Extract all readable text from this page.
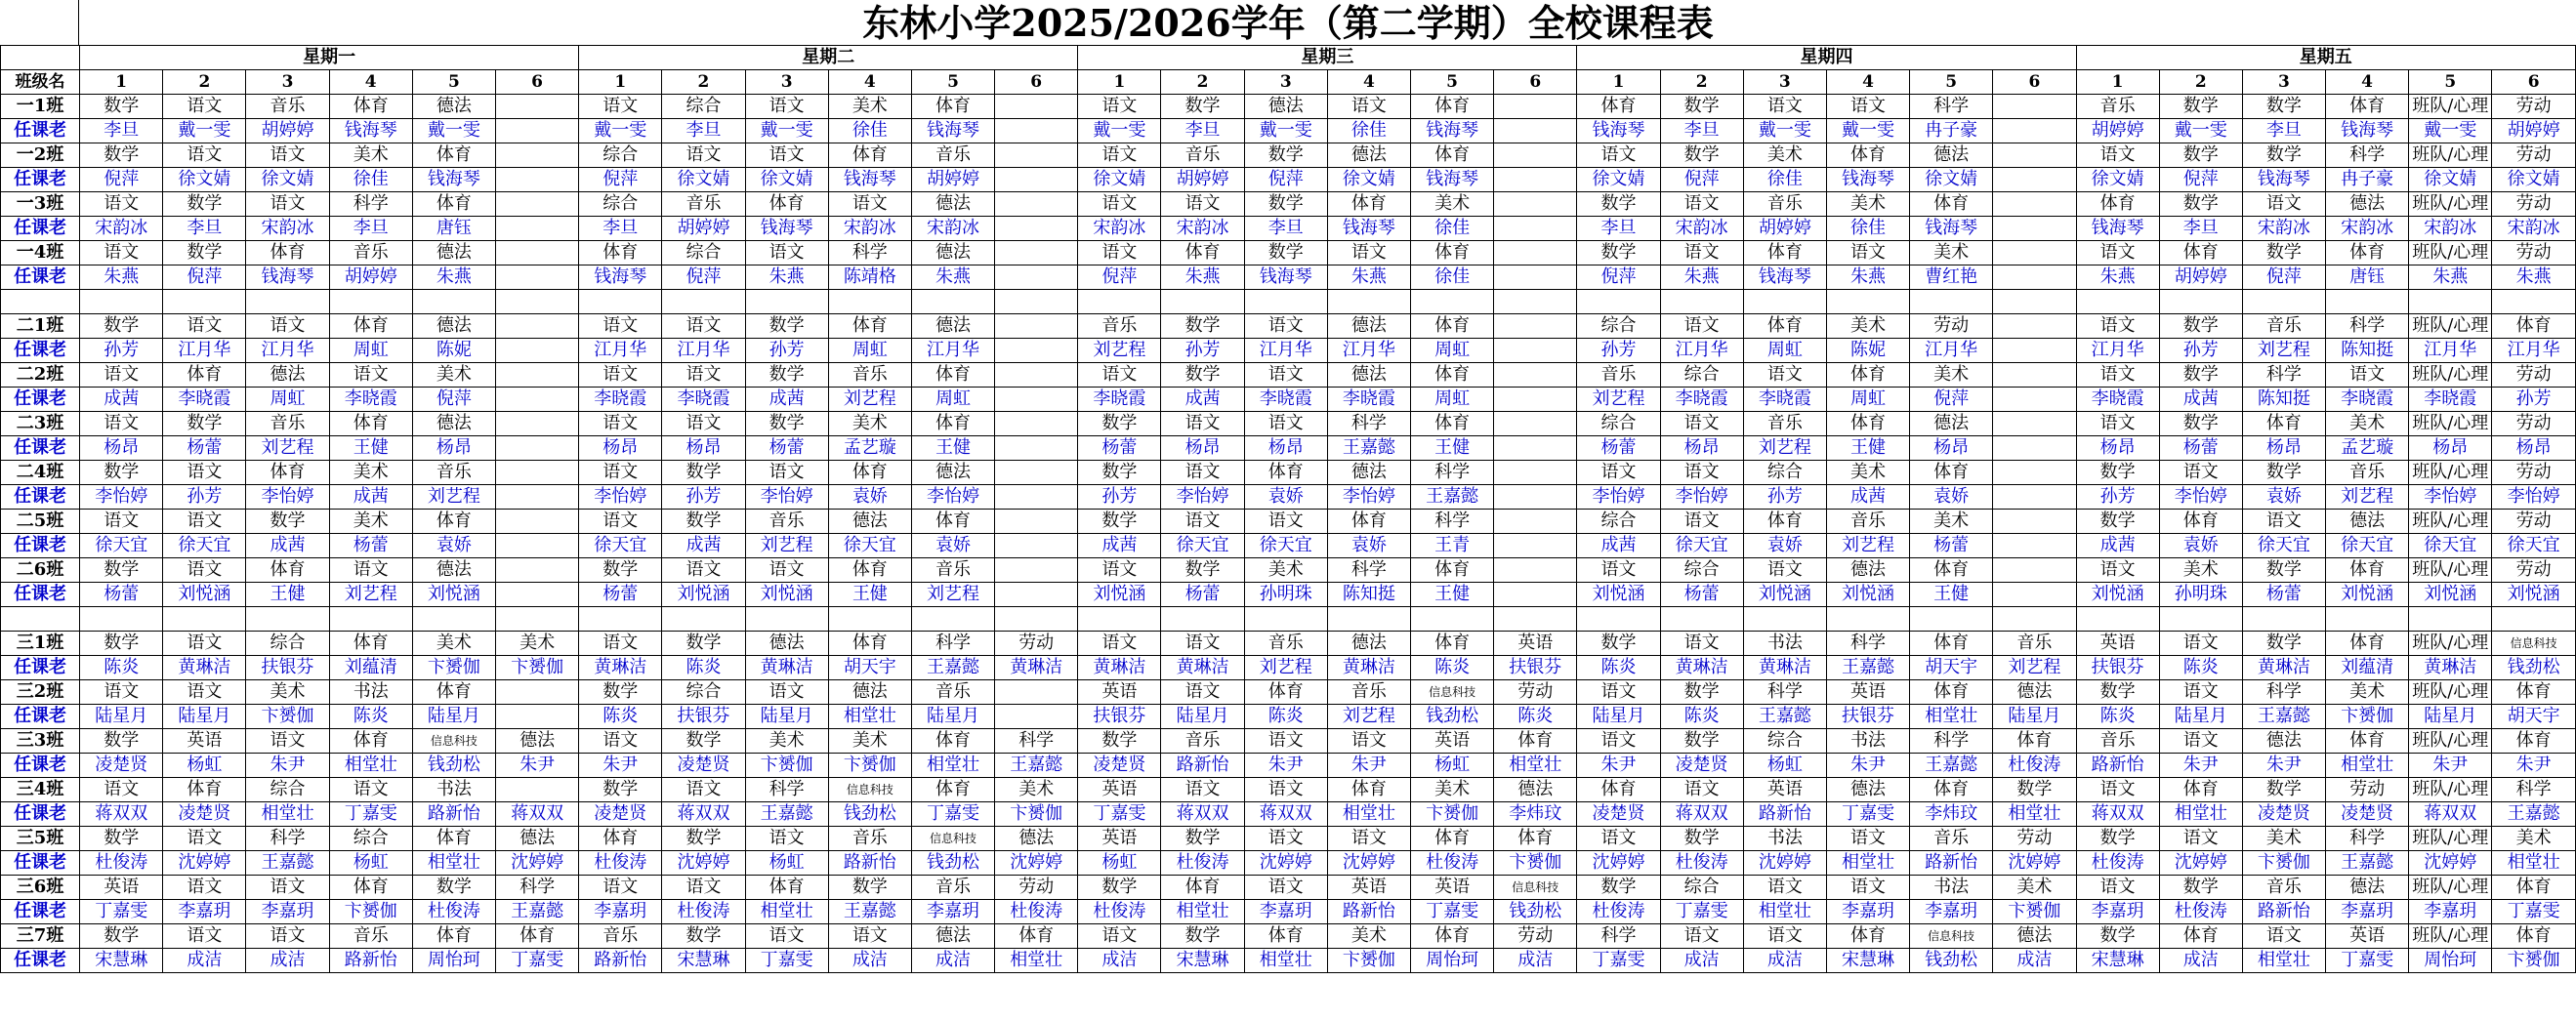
东林小学2025/2026学年（第二学期）全校课程表
	星期一						星期二						星期三						星期四						星期五					
班级名	1	2	3	4	5	6	1	2	3	4	5	6	1	2	3	4	5	6	1	2	3	4	5	6	1	2	3	4	5	6
一1班	数学	语文	音乐	体育	德法		语文	综合	语文	美术	体育		语文	数学	德法	语文	体育		体育	数学	语文	语文	科学		音乐	数学	数学	体育	班队/心理	劳动
任课老	李旦	戴一雯	胡婷婷	钱海琴	戴一雯		戴一雯	李旦	戴一雯	徐佳	钱海琴		戴一雯	李旦	戴一雯	徐佳	钱海琴		钱海琴	李旦	戴一雯	戴一雯	冉子豪		胡婷婷	戴一雯	李旦	钱海琴	戴一雯	胡婷婷
一2班	数学	语文	语文	美术	体育		综合	语文	语文	体育	音乐		语文	音乐	数学	德法	体育		语文	数学	美术	体育	德法		语文	数学	数学	科学	班队/心理	劳动
任课老	倪萍	徐文婧	徐文婧	徐佳	钱海琴		倪萍	徐文婧	徐文婧	钱海琴	胡婷婷		徐文婧	胡婷婷	倪萍	徐文婧	钱海琴		徐文婧	倪萍	徐佳	钱海琴	徐文婧		徐文婧	倪萍	钱海琴	冉子豪	徐文婧	徐文婧
一3班	语文	数学	语文	科学	体育		综合	音乐	体育	语文	德法		语文	语文	数学	体育	美术		数学	语文	音乐	美术	体育		体育	数学	语文	德法	班队/心理	劳动
任课老	宋韵冰	李旦	宋韵冰	李旦	唐钰		李旦	胡婷婷	钱海琴	宋韵冰	宋韵冰		宋韵冰	宋韵冰	李旦	钱海琴	徐佳		李旦	宋韵冰	胡婷婷	徐佳	钱海琴		钱海琴	李旦	宋韵冰	宋韵冰	宋韵冰	宋韵冰
一4班	语文	数学	体育	音乐	德法		体育	综合	语文	科学	德法		语文	体育	数学	语文	体育		数学	语文	体育	语文	美术		语文	体育	数学	体育	班队/心理	劳动
任课老	朱燕	倪萍	钱海琴	胡婷婷	朱燕		钱海琴	倪萍	朱燕	陈靖格	朱燕		倪萍	朱燕	钱海琴	朱燕	徐佳		倪萍	朱燕	钱海琴	朱燕	曹红艳		朱燕	胡婷婷	倪萍	唐钰	朱燕	朱燕

二1班	数学	语文	语文	体育	德法		语文	语文	数学	体育	德法		音乐	数学	语文	德法	体育		综合	语文	体育	美术	劳动		语文	数学	音乐	科学	班队/心理	体育
任课老	孙芳	江月华	江月华	周虹	陈妮		江月华	江月华	孙芳	周虹	江月华		刘艺程	孙芳	江月华	江月华	周虹		孙芳	江月华	周虹	陈妮	江月华		江月华	孙芳	刘艺程	陈知挺	江月华	江月华
二2班	语文	体育	德法	语文	美术		语文	语文	数学	音乐	体育		语文	数学	语文	德法	体育		音乐	综合	语文	体育	美术		语文	数学	科学	语文	班队/心理	劳动
任课老	成茜	李晓霞	周虹	李晓霞	倪萍		李晓霞	李晓霞	成茜	刘艺程	周虹		李晓霞	成茜	李晓霞	李晓霞	周虹		刘艺程	李晓霞	李晓霞	周虹	倪萍		李晓霞	成茜	陈知挺	李晓霞	李晓霞	孙芳
二3班	语文	数学	音乐	体育	德法		语文	语文	数学	美术	体育		数学	语文	语文	科学	体育		综合	语文	音乐	体育	德法		语文	数学	体育	美术	班队/心理	劳动
任课老	杨昂	杨蕾	刘艺程	王健	杨昂		杨昂	杨昂	杨蕾	孟艺璇	王健		杨蕾	杨昂	杨昂	王嘉懿	王健		杨蕾	杨昂	刘艺程	王健	杨昂		杨昂	杨蕾	杨昂	孟艺璇	杨昂	杨昂
二4班	数学	语文	体育	美术	音乐		语文	数学	语文	体育	德法		数学	语文	体育	德法	科学		语文	语文	综合	美术	体育		数学	语文	数学	音乐	班队/心理	劳动
任课老	李怡婷	孙芳	李怡婷	成茜	刘艺程		李怡婷	孙芳	李怡婷	袁娇	李怡婷		孙芳	李怡婷	袁娇	李怡婷	王嘉懿		李怡婷	李怡婷	孙芳	成茜	袁娇		孙芳	李怡婷	袁娇	刘艺程	李怡婷	李怡婷
二5班	语文	语文	数学	美术	体育		语文	数学	音乐	德法	体育		数学	语文	语文	体育	科学		综合	语文	体育	音乐	美术		数学	体育	语文	德法	班队/心理	劳动
任课老	徐天宜	徐天宜	成茜	杨蕾	袁娇		徐天宜	成茜	刘艺程	徐天宜	袁娇		成茜	徐天宜	徐天宜	袁娇	王青		成茜	徐天宜	袁娇	刘艺程	杨蕾		成茜	袁娇	徐天宜	徐天宜	徐天宜	徐天宜
二6班	数学	语文	体育	语文	德法		数学	语文	语文	体育	音乐		语文	数学	美术	科学	体育		语文	综合	语文	德法	体育		语文	美术	数学	体育	班队/心理	劳动
任课老	杨蕾	刘悦涵	王健	刘艺程	刘悦涵		杨蕾	刘悦涵	刘悦涵	王健	刘艺程		刘悦涵	杨蕾	孙明珠	陈知挺	王健		刘悦涵	杨蕾	刘悦涵	刘悦涵	王健		刘悦涵	孙明珠	杨蕾	刘悦涵	刘悦涵	刘悦涵

三1班	数学	语文	综合	体育	美术	美术	语文	数学	德法	体育	科学	劳动	语文	语文	音乐	德法	体育	英语	数学	语文	书法	科学	体育	音乐	英语	语文	数学	体育	班队/心理	信息科技
任课老	陈炎	黄琳洁	扶银芬	刘蕴清	卞赟伽	卞赟伽	黄琳洁	陈炎	黄琳洁	胡天宇	王嘉懿	黄琳洁	黄琳洁	黄琳洁	刘艺程	黄琳洁	陈炎	扶银芬	陈炎	黄琳洁	黄琳洁	王嘉懿	胡天宇	刘艺程	扶银芬	陈炎	黄琳洁	刘蕴清	黄琳洁	钱劲松
三2班	语文	语文	美术	书法	体育		数学	综合	语文	德法	音乐		英语	语文	体育	音乐	信息科技	劳动	语文	数学	科学	英语	体育	德法	数学	语文	科学	美术	班队/心理	体育
任课老	陆星月	陆星月	卞赟伽	陈炎	陆星月		陈炎	扶银芬	陆星月	相堂壮	陆星月		扶银芬	陆星月	陈炎	刘艺程	钱劲松	陈炎	陆星月	陈炎	王嘉懿	扶银芬	相堂壮	陆星月	陈炎	陆星月	王嘉懿	卞赟伽	陆星月	胡天宇
三3班	数学	英语	语文	体育	信息科技	德法	语文	数学	美术	美术	体育	科学	数学	音乐	语文	语文	英语	体育	语文	数学	综合	书法	科学	体育	音乐	语文	德法	体育	班队/心理	体育
任课老	凌楚贤	杨虹	朱尹	相堂壮	钱劲松	朱尹	朱尹	凌楚贤	卞赟伽	卞赟伽	相堂壮	王嘉懿	凌楚贤	路新怡	朱尹	朱尹	杨虹	相堂壮	朱尹	凌楚贤	杨虹	朱尹	王嘉懿	杜俊涛	路新怡	朱尹	朱尹	相堂壮	朱尹	朱尹
三4班	语文	体育	综合	语文	书法		数学	语文	科学	信息科技	体育	美术	英语	语文	语文	体育	美术	德法	体育	语文	英语	德法	体育	数学	语文	体育	数学	劳动	班队/心理	科学
任课老	蒋双双	凌楚贤	相堂壮	丁嘉雯	路新怡	蒋双双	凌楚贤	蒋双双	王嘉懿	钱劲松	丁嘉雯	卞赟伽	丁嘉雯	蒋双双	蒋双双	相堂壮	卞赟伽	李炜玟	凌楚贤	蒋双双	路新怡	丁嘉雯	李炜玟	相堂壮	蒋双双	相堂壮	凌楚贤	凌楚贤	蒋双双	王嘉懿
三5班	数学	语文	科学	综合	体育	德法	体育	数学	语文	音乐	信息科技	德法	英语	数学	语文	语文	体育	体育	语文	数学	书法	语文	音乐	劳动	数学	语文	美术	科学	班队/心理	美术
任课老	杜俊涛	沈婷婷	王嘉懿	杨虹	相堂壮	沈婷婷	杜俊涛	沈婷婷	杨虹	路新怡	钱劲松	沈婷婷	杨虹	杜俊涛	沈婷婷	沈婷婷	杜俊涛	卞赟伽	沈婷婷	杜俊涛	沈婷婷	相堂壮	路新怡	沈婷婷	杜俊涛	沈婷婷	卞赟伽	王嘉懿	沈婷婷	相堂壮
三6班	英语	语文	语文	体育	数学	科学	语文	语文	体育	数学	音乐	劳动	数学	体育	语文	英语	英语	信息科技	数学	综合	语文	语文	书法	美术	语文	数学	音乐	德法	班队/心理	体育
任课老	丁嘉雯	李嘉玥	李嘉玥	卞赟伽	杜俊涛	王嘉懿	李嘉玥	杜俊涛	相堂壮	王嘉懿	李嘉玥	杜俊涛	杜俊涛	相堂壮	李嘉玥	路新怡	丁嘉雯	钱劲松	杜俊涛	丁嘉雯	相堂壮	李嘉玥	李嘉玥	卞赟伽	李嘉玥	杜俊涛	路新怡	李嘉玥	李嘉玥	丁嘉雯
三7班	数学	语文	语文	音乐	体育	体育	音乐	数学	语文	语文	德法	体育	语文	数学	体育	美术	体育	劳动	科学	语文	语文	体育	信息科技	德法	数学	体育	语文	英语	班队/心理	体育
任课老	宋慧琳	成洁	成洁	路新怡	周怡珂	丁嘉雯	路新怡	宋慧琳	丁嘉雯	成洁	成洁	相堂壮	成洁	宋慧琳	相堂壮	卞赟伽	周怡珂	成洁	丁嘉雯	成洁	成洁	宋慧琳	钱劲松	成洁	宋慧琳	成洁	相堂壮	丁嘉雯	周怡珂	卞赟伽
